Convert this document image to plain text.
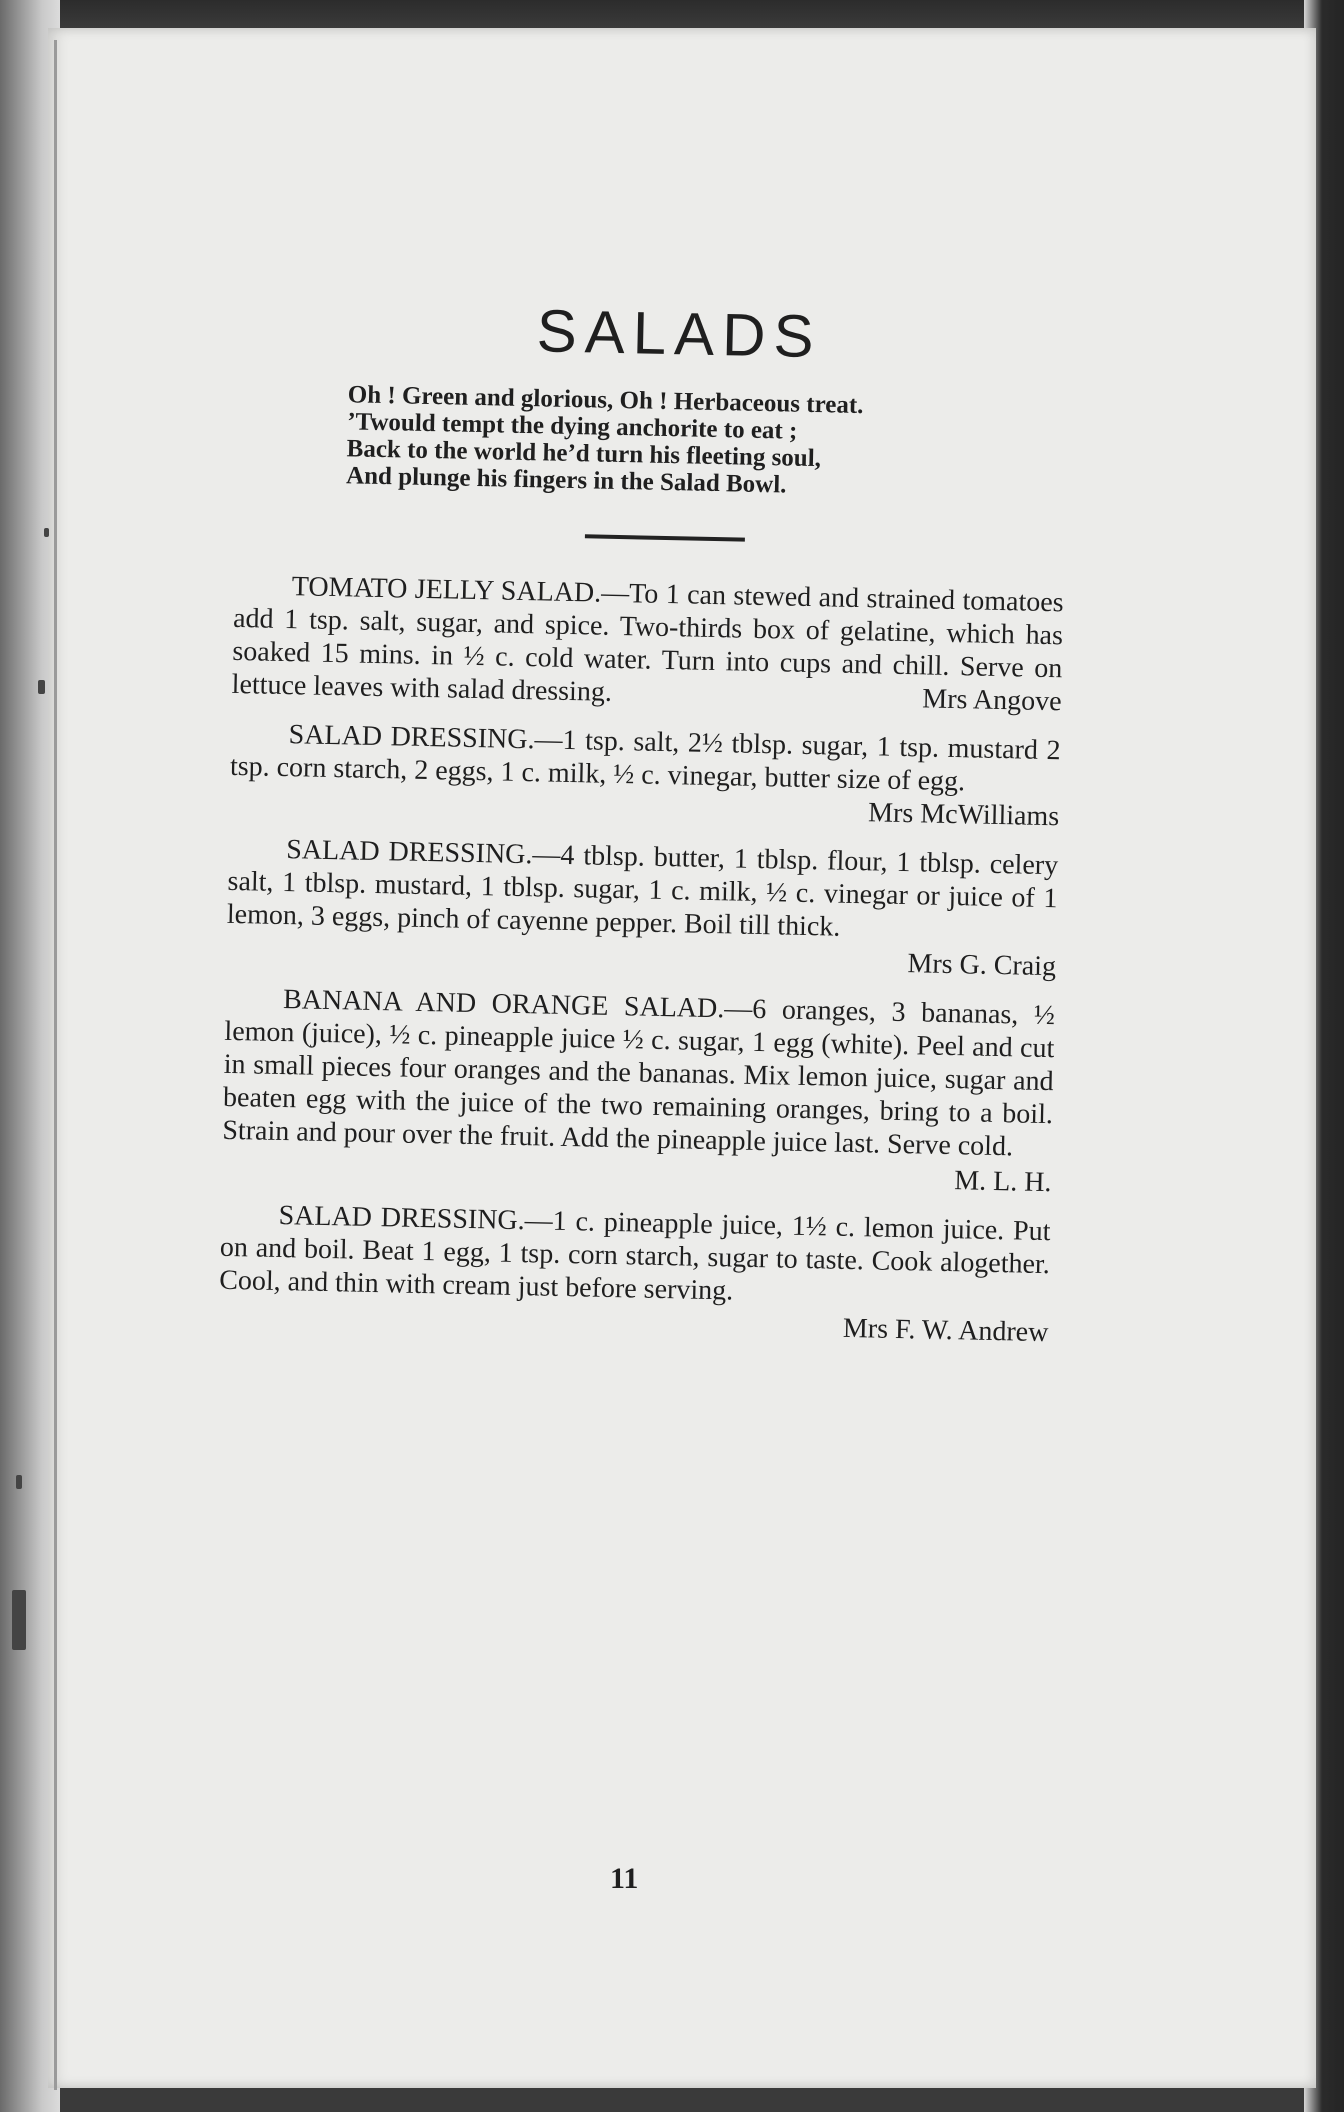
SALADS
Oh ! Green and glorious, Oh ! Herbaceous treat.
’Twould tempt the dying anchorite to eat ;
Back to the world he’d turn his fleeting soul,
And plunge his fingers in the Salad Bowl.
TOMATO JELLY SALAD.—To 1 can stewed and strained tomatoes add 1 tsp. salt, sugar, and spice. Two-thirds box of gelatine, which has soaked 15 mins. in ½ c. cold water. Turn into cups and chill. Serve on lettuce leaves with salad dressing.	Mrs Angove
SALAD DRESSING.—1 tsp. salt, 2½ tblsp. sugar, 1 tsp. mustard 2 tsp. corn starch, 2 eggs, 1 c. milk, ½ c. vinegar, butter size of egg.
Mrs McWilliams
SALAD DRESSING.—4 tblsp. butter, 1 tblsp. flour, 1 tblsp. celery salt, 1 tblsp. mustard, 1 tblsp. sugar, 1 c. milk, ½ c. vinegar or juice of 1 lemon, 3 eggs, pinch of cayenne pepper. Boil till thick.
Mrs G. Craig
BANANA AND ORANGE SALAD.—6 oranges, 3 bananas, ½ lemon (juice), ½ c. pineapple juice ½ c. sugar, 1 egg (white). Peel and cut in small pieces four oranges and the bananas. Mix lemon juice, sugar and beaten egg with the juice of the two remaining oranges, bring to a boil. Strain and pour over the fruit. Add the pineapple juice last. Serve cold.
M. L. H.
SALAD DRESSING.—1 c. pineapple juice, 1½ c. lemon juice. Put on and boil. Beat 1 egg, 1 tsp. corn starch, sugar to taste. Cook alogether. Cool, and thin with cream just before serving.
Mrs F. W. Andrew
11
